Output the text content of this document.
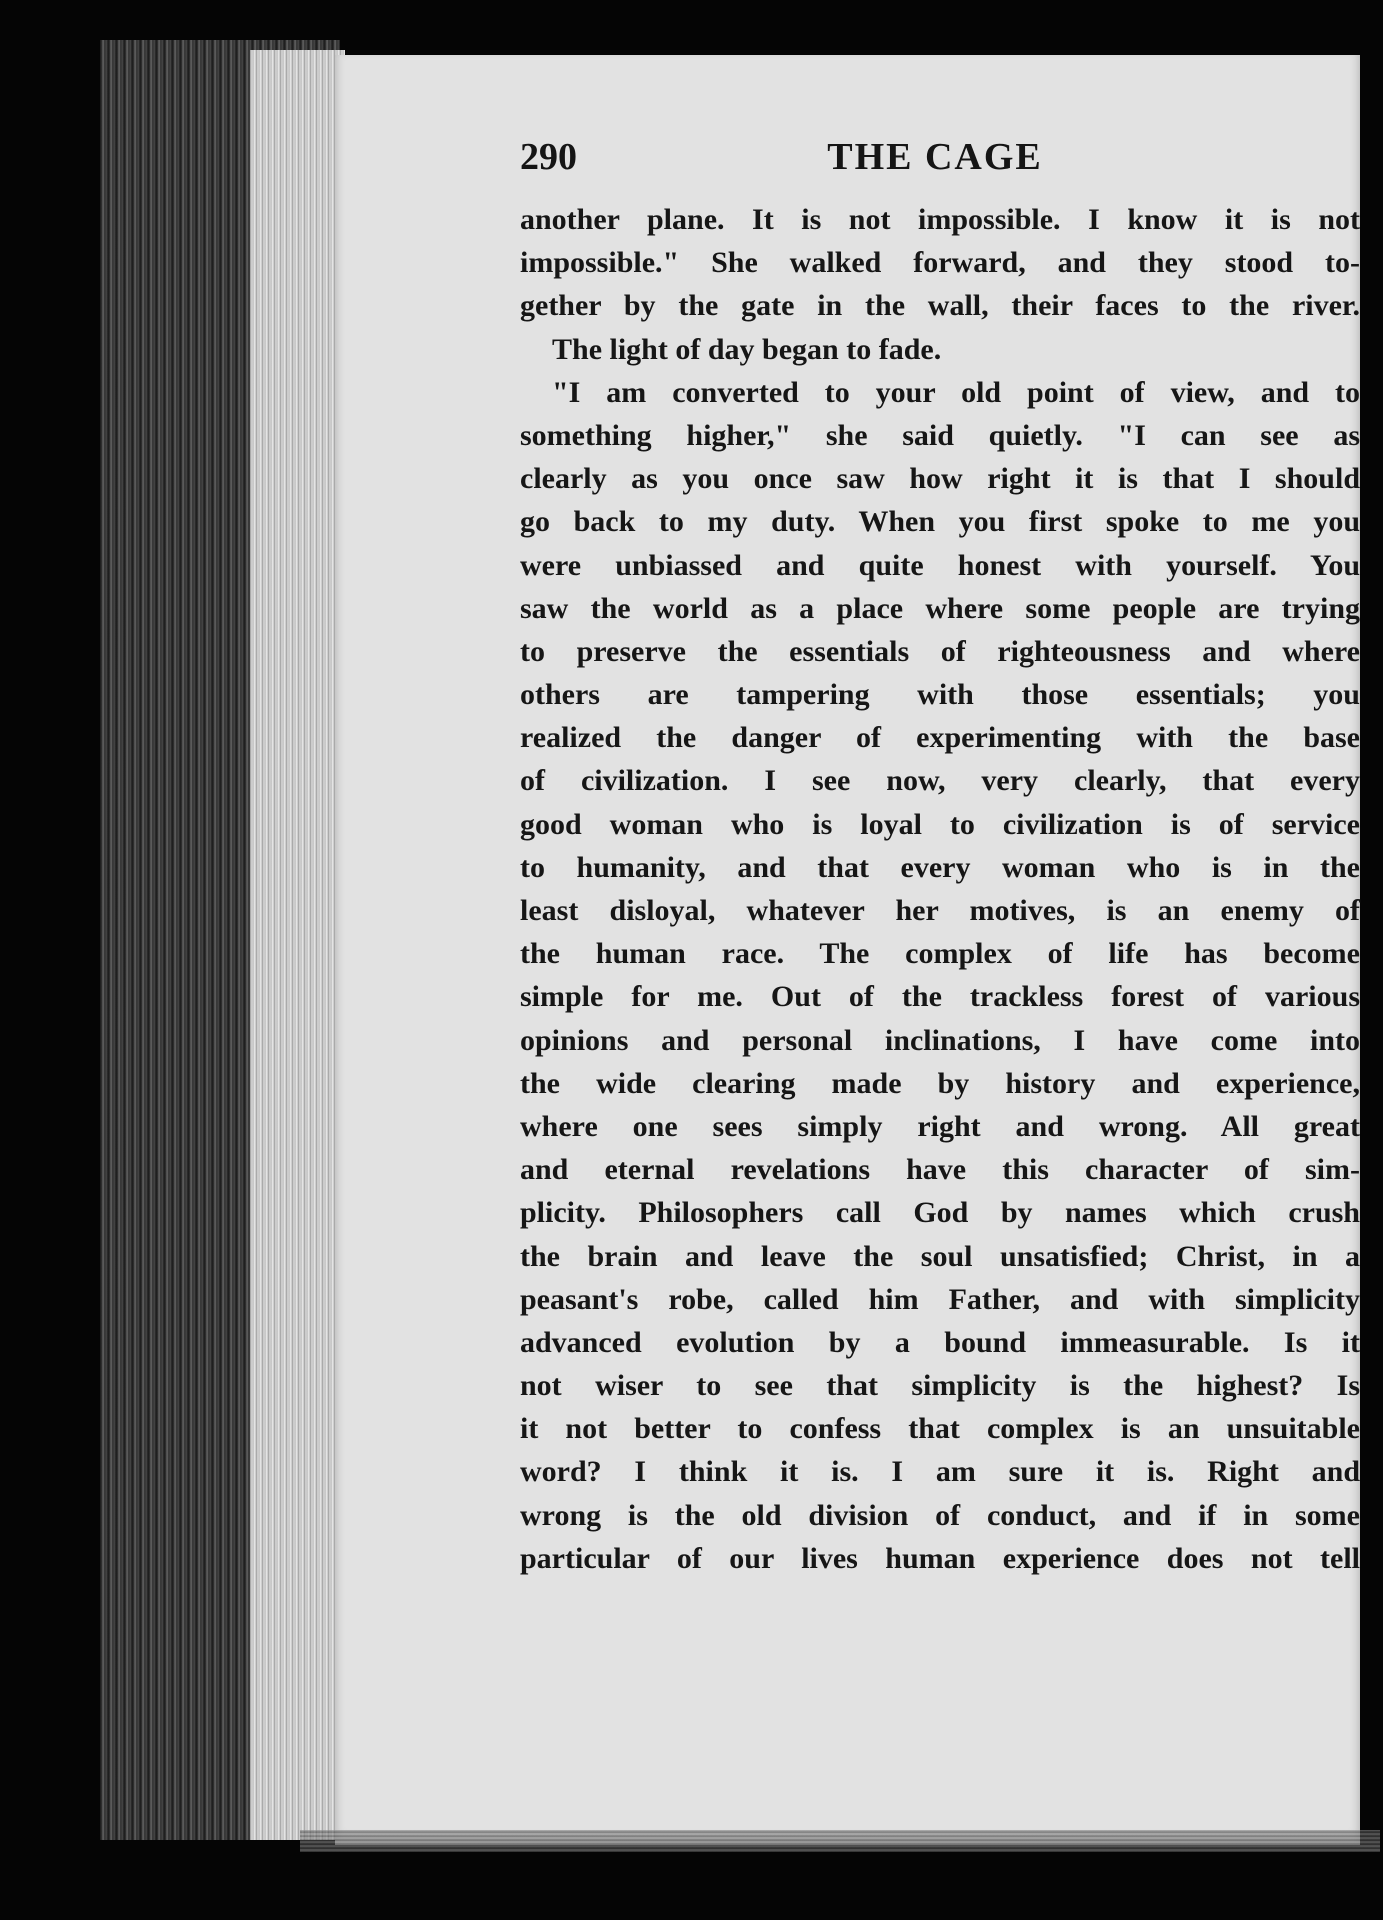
290	THE CAGE
another plane. It is not impossible. I know it is not
impossible." She walked forward, and they stood to-
gether by the gate in the wall, their faces to the river.
The light of day began to fade.
"I am converted to your old point of view, and to
something higher," she said quietly. "I can see as
clearly as you once saw how right it is that I should
go back to my duty. When you first spoke to me you
were unbiassed and quite honest with yourself. You
saw the world as a place where some people are trying
to preserve the essentials of righteousness and where
others are tampering with those essentials; you
realized the danger of experimenting with the base
of civilization. I see now, very clearly, that every
good woman who is loyal to civilization is of service
to humanity, and that every woman who is in the
least disloyal, whatever her motives, is an enemy of
the human race. The complex of life has become
simple for me. Out of the trackless forest of various
opinions and personal inclinations, I have come into
the wide clearing made by history and experience,
where one sees simply right and wrong. All great
and eternal revelations have this character of sim-
plicity. Philosophers call God by names which crush
the brain and leave the soul unsatisfied; Christ, in a
peasant's robe, called him Father, and with simplicity
advanced evolution by a bound immeasurable. Is it
not wiser to see that simplicity is the highest? Is
it not better to confess that complex is an unsuitable
word? I think it is. I am sure it is. Right and
wrong is the old division of conduct, and if in some
particular of our lives human experience does not tell
